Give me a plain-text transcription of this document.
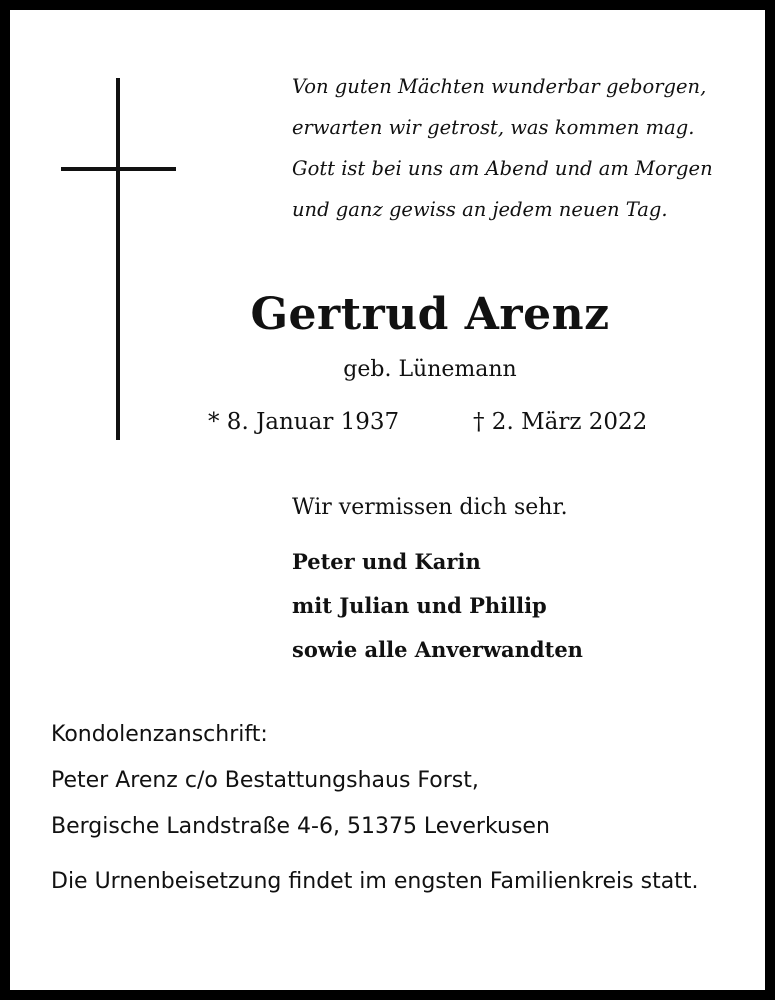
Von guten Mächten wunderbar geborgen,
erwarten wir getrost, was kommen mag.
Gott ist bei uns am Abend und am Morgen
und ganz gewiss an jedem neuen Tag.
Gertrud Arenz
geb. Lünemann
* 8. Januar 1937	† 2. März 2022
Wir vermissen dich sehr.
Peter und Karin
mit Julian und Phillip
sowie alle Anverwandten
Kondolenzanschrift:
Peter Arenz c/o Bestattungshaus Forst,
Bergische Landstraße 4-6, 51375 Leverkusen
Die Urnenbeisetzung findet im engsten Familienkreis statt.
